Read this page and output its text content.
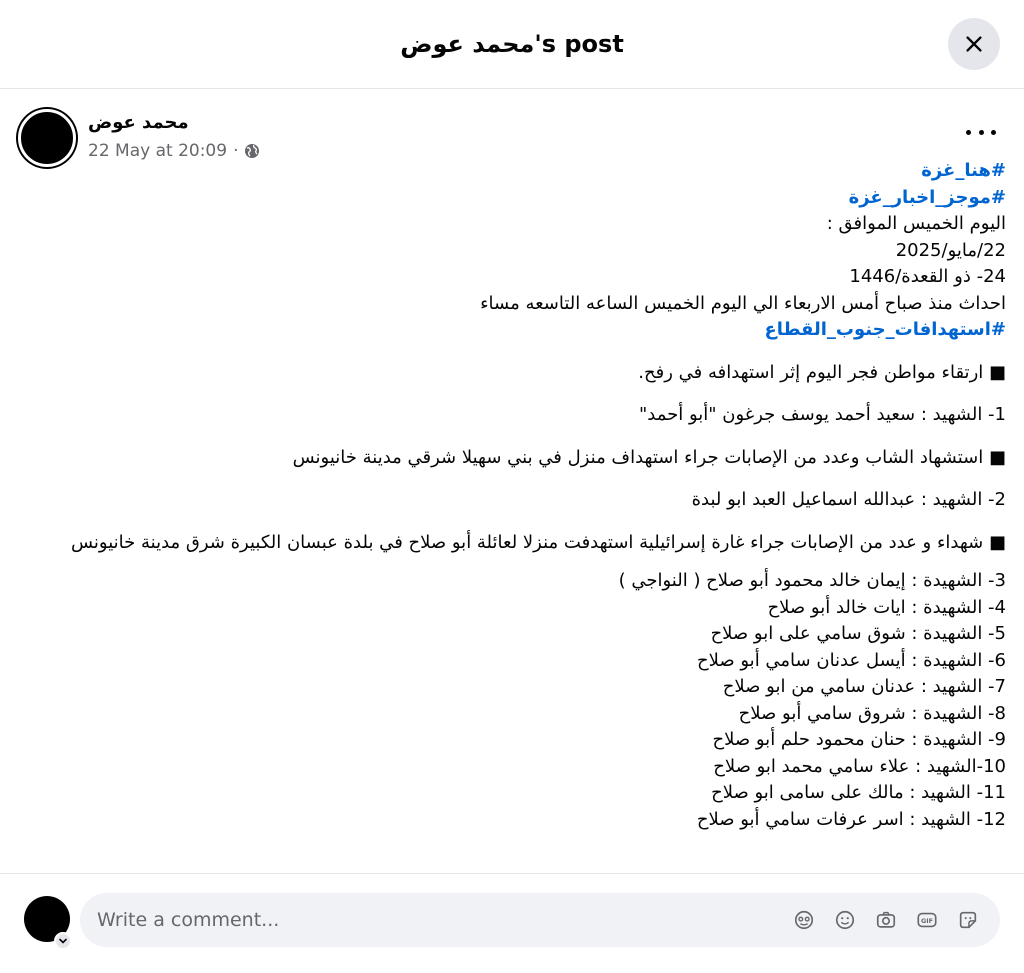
محمد عوض's post
محمد عوض
22 May at 20:09 ·
#هنا_غزة
#موجز_اخبار_غزة
اليوم الخميس الموافق :
22/مايو/2025
24- ذو القعدة/1446
احداث منذ صباح أمس الاربعاء الي اليوم الخميس الساعه التاسعه مساء
#استهدافات_جنوب_القطاع
■ ارتقاء مواطن فجر اليوم إثر استهدافه في رفح.
1- الشهيد : سعيد أحمد يوسف جرغون "أبو أحمد"
■ استشهاد الشاب وعدد من الإصابات جراء استهداف منزل في بني سهيلا شرقي مدينة خانيونس
2- الشهيد : عبدالله اسماعيل العبد ابو لبدة
■ شهداء و عدد من الإصابات جراء غارة إسرائيلية استهدفت منزلا لعائلة أبو صلاح في بلدة عبسان الكبيرة شرق مدينة خانيونس
3- الشهيدة : إيمان خالد محمود أبو صلاح ( النواجي )
4- الشهيدة : ايات خالد أبو صلاح
5- الشهيدة : شوق سامي على ابو صلاح
6- الشهيدة : أيسل عدنان سامي أبو صلاح
7- الشهيد : عدنان سامي من ابو صلاح
8- الشهيدة : شروق سامي أبو صلاح
9- الشهيدة : حنان محمود حلم أبو صلاح
10-الشهيد : علاء سامي محمد ابو صلاح
11- الشهيد : مالك على سامى ابو صلاح
12- الشهيد : اسر عرفات سامي أبو صلاح
Write a comment...	GIF
